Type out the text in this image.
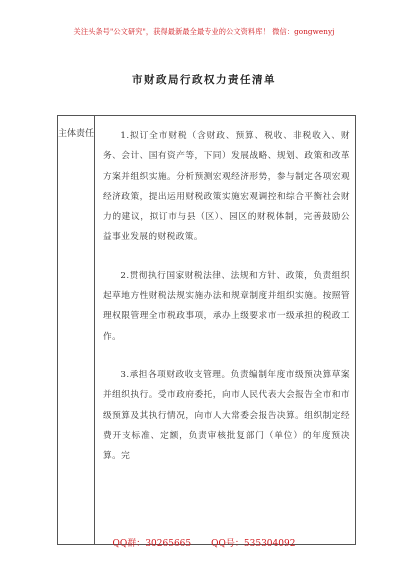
关注头条号"公文研究"，获得最新最全最专业的公文资料库！ 微信：gongwenyj
市财政局行政权力责任清单
主体责任	1.拟订全市财税（含财政、预算、税收、非税收入、财务、会计、国有资产等，下同）发展战略、规划、政策和改革方案并组织实施。分析预测宏观经济形势，参与制定各项宏观经济政策，提出运用财税政策实施宏观调控和综合平衡社会财力的建议，拟订市与县（区）、园区的财税体制，完善鼓励公益事业发展的财税政策。

2.贯彻执行国家财税法律、法规和方针、政策，负责组织起草地方性财税法规实施办法和规章制度并组织实施。按照管理权限管理全市税政事项，承办上级要求市一级承担的税政工作。

3.承担各项财政收支管理。负责编制年度市级预决算草案并组织执行。受市政府委托，向市人民代表大会报告全市和市级预算及其执行情况，向市人大常委会报告决算。组织制定经费开支标准、定额，负责审核批复部门（单位）的年度预决算。完

QQ群：30265665 QQ号：535304092
